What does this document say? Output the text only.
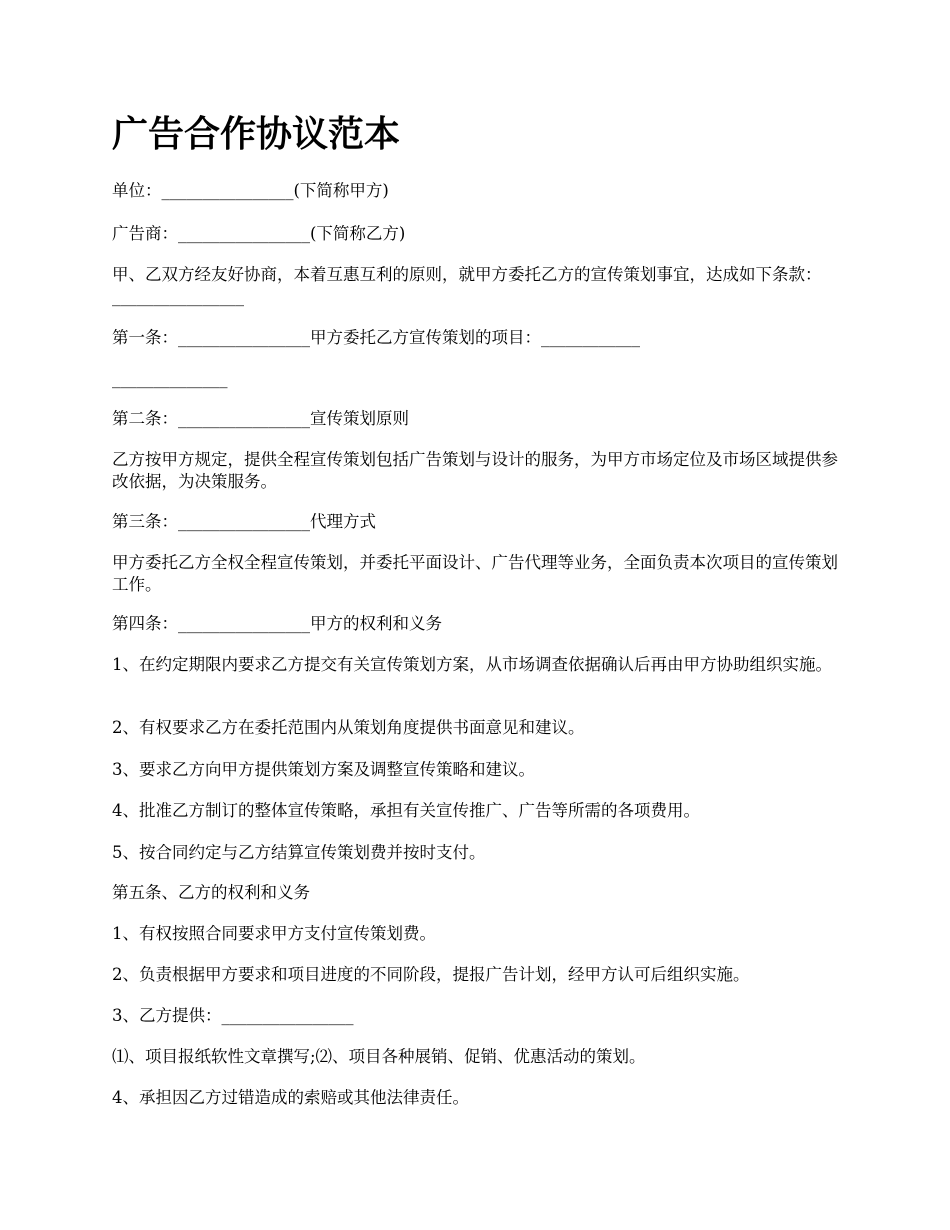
广告合作协议范本

单位：________________(下简称甲方)

广告商：________________(下简称乙方)

甲、乙双方经友好协商，本着互惠互利的原则，就甲方委托乙方的宣传策划事宜，达成如下条款：________________

第一条：________________甲方委托乙方宣传策划的项目：____________

______________

第二条：________________宣传策划原则

乙方按甲方规定，提供全程宣传策划包括广告策划与设计的服务，为甲方市场定位及市场区域提供参改依据，为决策服务。

第三条：________________代理方式

甲方委托乙方全权全程宣传策划，并委托平面设计、广告代理等业务，全面负责本次项目的宣传策划工作。

第四条：________________甲方的权利和义务

1、在约定期限内要求乙方提交有关宣传策划方案，从市场调查依据确认后再由甲方协助组织实施。

2、有权要求乙方在委托范围内从策划角度提供书面意见和建议。

3、要求乙方向甲方提供策划方案及调整宣传策略和建议。

4、批准乙方制订的整体宣传策略，承担有关宣传推广、广告等所需的各项费用。

5、按合同约定与乙方结算宣传策划费并按时支付。

第五条、乙方的权利和义务

1、有权按照合同要求甲方支付宣传策划费。

2、负责根据甲方要求和项目进度的不同阶段，提报广告计划，经甲方认可后组织实施。

3、乙方提供：________________

⑴、项目报纸软性文章撰写;⑵、项目各种展销、促销、优惠活动的策划。

4、承担因乙方过错造成的索赔或其他法律责任。
